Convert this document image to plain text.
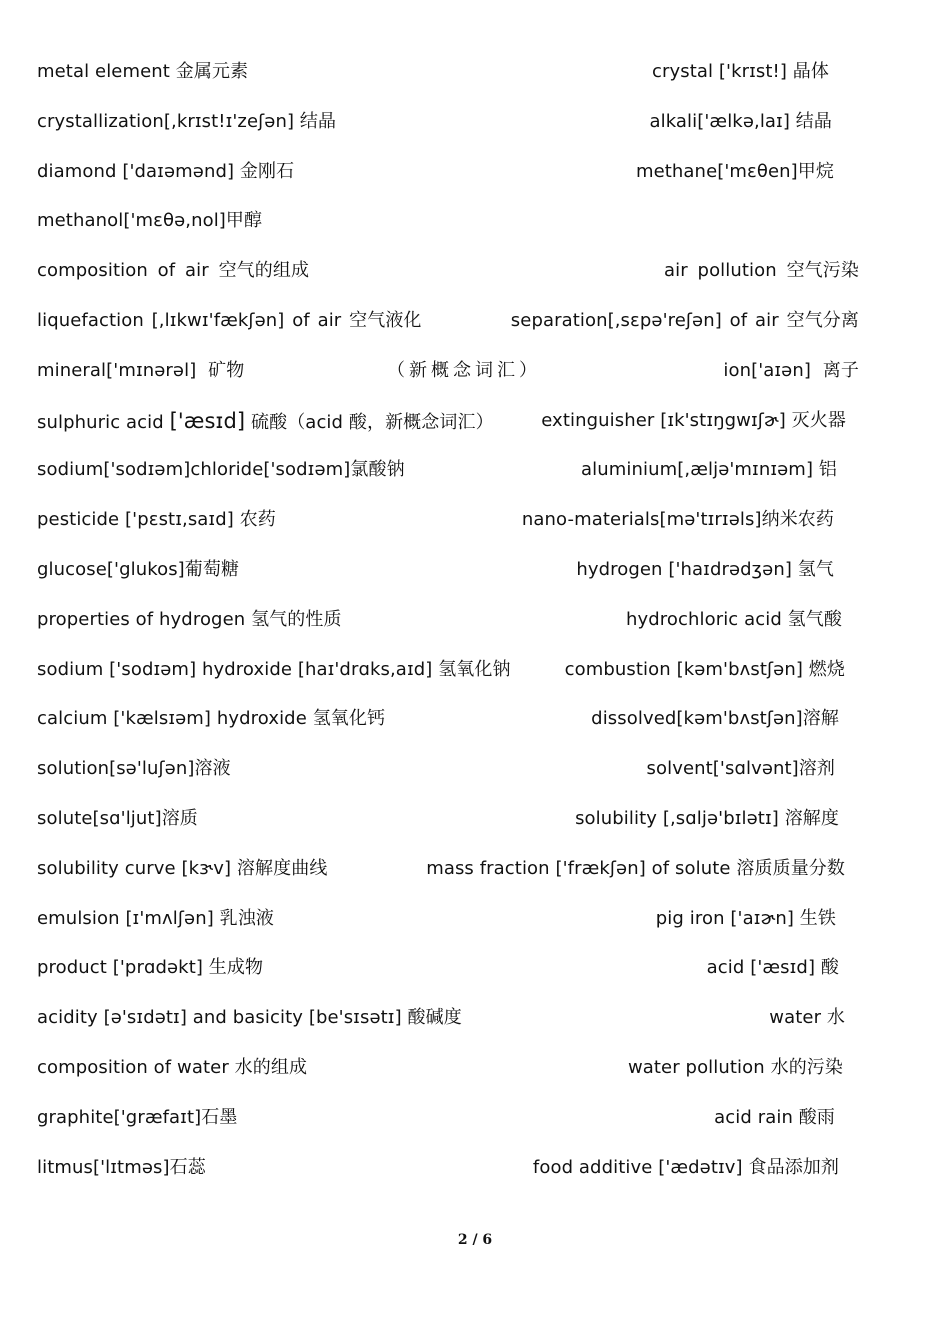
metal element 金属元素	crystal ['krɪst!] 晶体
crystallization[,krɪst!ɪ'zeʃən] 结晶	alkali['ælkə,laɪ] 结晶
diamond ['daɪəmənd] 金刚石	methane['mɛθen]甲烷
methanol['mɛθə,nol]甲醇
composition of air 空气的组成	air pollution 空气污染
liquefaction [,lɪkwɪ'fækʃən] of air 空气液化	separation[,sɛpə'reʃən] of air 空气分离
mineral['mɪnərəl] 矿物	（新概念词汇）	ion['aɪən] 离子
sulphuric acid ['æsɪd] 硫酸（acid 酸，新概念词汇）	extinguisher [ɪk'stɪŋgwɪʃɚ] 灭火器
sodium['sodɪəm]chloride['sodɪəm]氯酸钠	aluminium[,æljə'mɪnɪəm] 铝
pesticide ['pɛstɪ,saɪd] 农药	nano-materials[mə'tɪrɪəls]纳米农药
glucose['glukos]葡萄糖	hydrogen ['haɪdrədʒən] 氢气
properties of hydrogen 氢气的性质	hydrochloric acid 氢气酸
sodium ['sodɪəm] hydroxide [haɪ'drɑks,aɪd] 氢氧化钠	combustion [kəm'bʌstʃən] 燃烧
calcium ['kælsɪəm] hydroxide 氢氧化钙	dissolved[kəm'bʌstʃən]溶解
solution[sə'luʃən]溶液	solvent['sɑlvənt]溶剂
solute[sɑ'ljut]溶质	solubility [,sɑljə'bɪlətɪ] 溶解度
solubility curve [kɝv] 溶解度曲线	mass fraction ['frækʃən] of solute 溶质质量分数
emulsion [ɪ'mʌlʃən] 乳浊液	pig iron ['aɪɚn] 生铁
product ['prɑdəkt] 生成物	acid ['æsɪd] 酸
acidity [ə'sɪdətɪ] and basicity [be'sɪsətɪ] 酸碱度	water 水
composition of water 水的组成	water pollution 水的污染
graphite['græfaɪt]石墨	acid rain 酸雨
litmus['lɪtməs]石蕊	food additive ['ædətɪv] 食品添加剂
2 / 6
